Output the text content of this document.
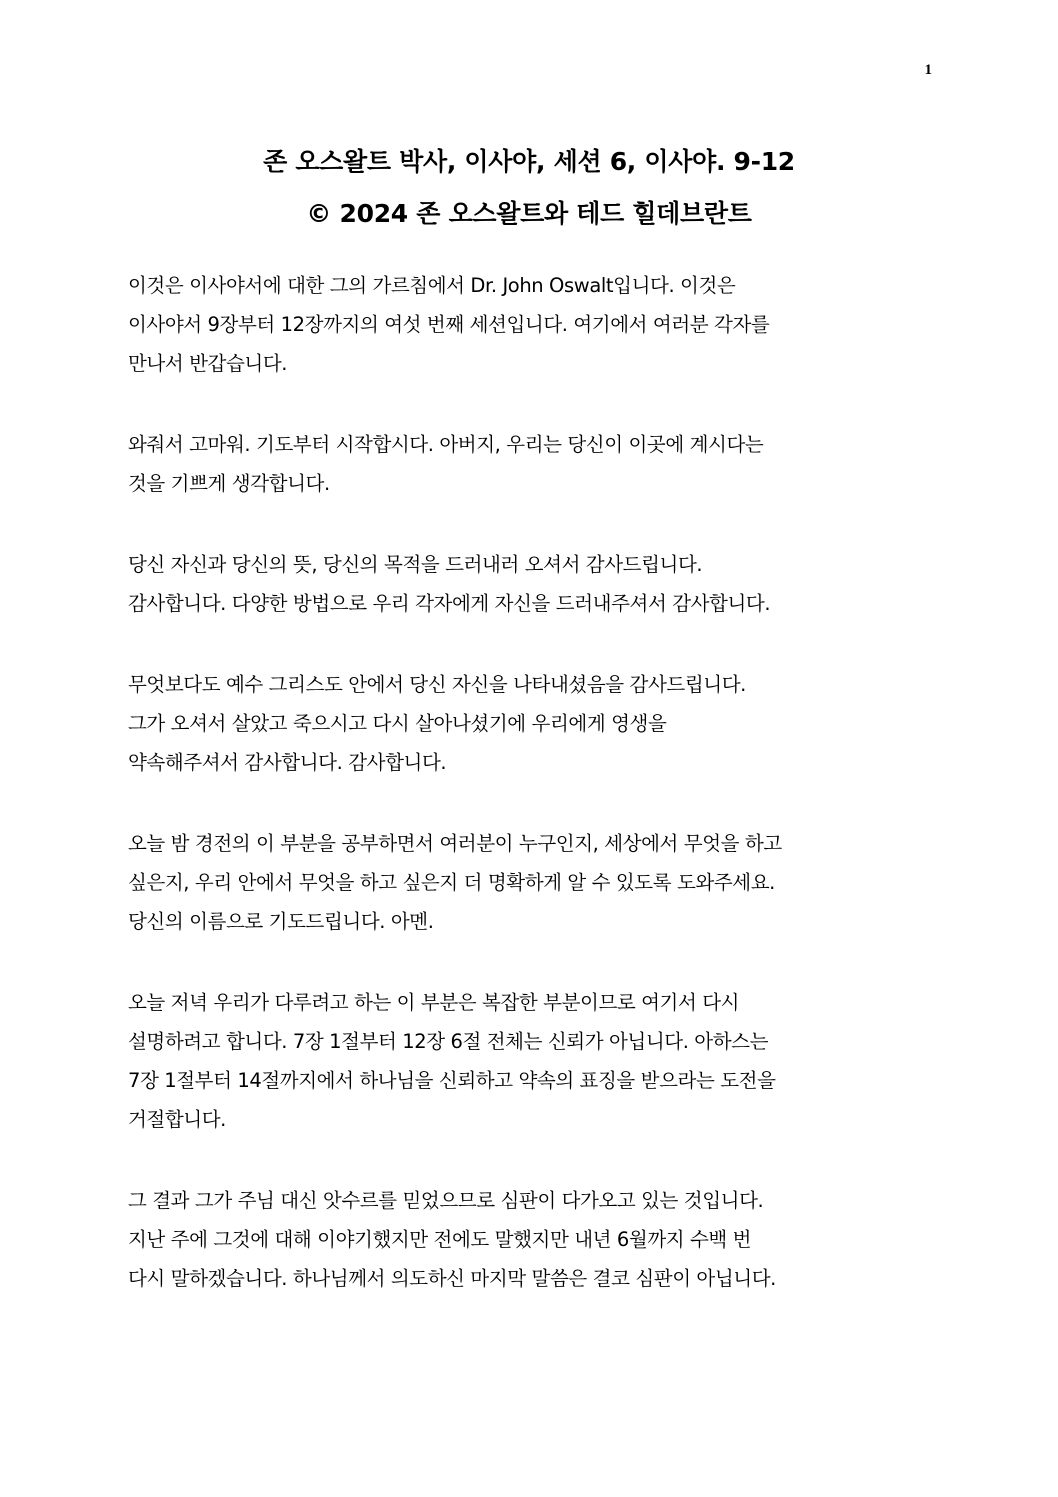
1
존 오스왈트 박사, 이사야, 세션 6, 이사야. 9-12
© 2024 존 오스왈트와 테드 힐데브란트
이것은 이사야서에 대한 그의 가르침에서 Dr. John Oswalt입니다. 이것은
이사야서 9장부터 12장까지의 여섯 번째 세션입니다. 여기에서 여러분 각자를
만나서 반갑습니다.
와줘서 고마워. 기도부터 시작합시다. 아버지, 우리는 당신이 이곳에 계시다는
것을 기쁘게 생각합니다.
당신 자신과 당신의 뜻, 당신의 목적을 드러내러 오셔서 감사드립니다.
감사합니다. 다양한 방법으로 우리 각자에게 자신을 드러내주셔서 감사합니다.
무엇보다도 예수 그리스도 안에서 당신 자신을 나타내셨음을 감사드립니다.
그가 오셔서 살았고 죽으시고 다시 살아나셨기에 우리에게 영생을
약속해주셔서 감사합니다. 감사합니다.
오늘 밤 경전의 이 부분을 공부하면서 여러분이 누구인지, 세상에서 무엇을 하고
싶은지, 우리 안에서 무엇을 하고 싶은지 더 명확하게 알 수 있도록 도와주세요.
당신의 이름으로 기도드립니다. 아멘.
오늘 저녁 우리가 다루려고 하는 이 부분은 복잡한 부분이므로 여기서 다시
설명하려고 합니다. 7장 1절부터 12장 6절 전체는 신뢰가 아닙니다. 아하스는
7장 1절부터 14절까지에서 하나님을 신뢰하고 약속의 표징을 받으라는 도전을
거절합니다.
그 결과 그가 주님 대신 앗수르를 믿었으므로 심판이 다가오고 있는 것입니다.
지난 주에 그것에 대해 이야기했지만 전에도 말했지만 내년 6월까지 수백 번
다시 말하겠습니다. 하나님께서 의도하신 마지막 말씀은 결코 심판이 아닙니다.
